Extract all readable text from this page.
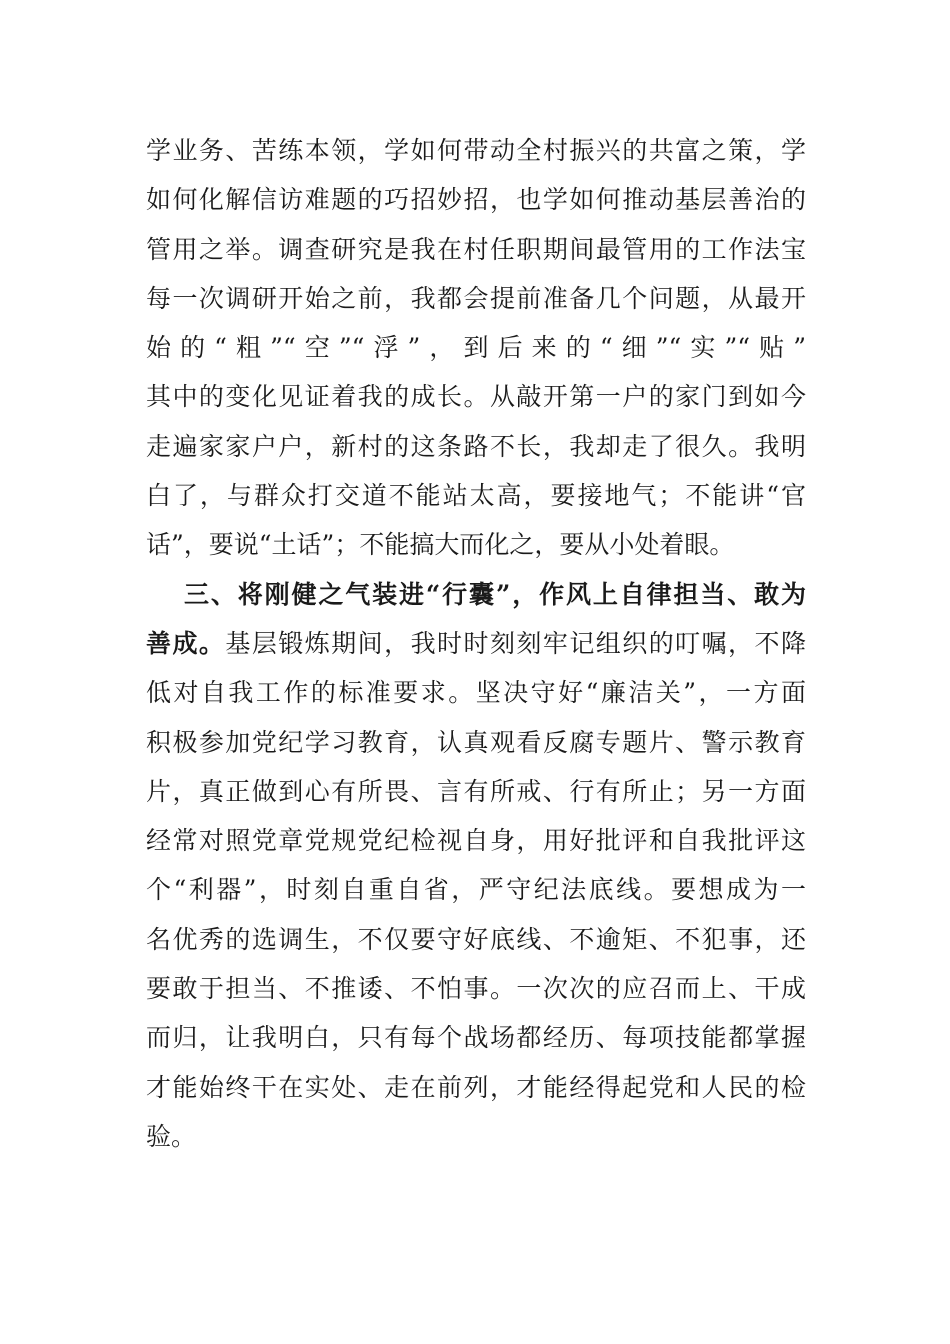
学业务、苦练本领，学如何带动全村振兴的共富之策，学
如何化解信访难题的巧招妙招，也学如何推动基层善治的
管用之举。调查研究是我在村任职期间最管用的工作法宝
每一次调研开始之前，我都会提前准备几个问题，从最开
始的“粗”“空”“浮”，到后来的“细”“实”“贴”
其中的变化见证着我的成长。从敲开第一户的家门到如今
走遍家家户户，新村的这条路不长，我却走了很久。我明
白了，与群众打交道不能站太高，要接地气；不能讲“官
话”，要说“土话”；不能搞大而化之，要从小处着眼。
三、将刚健之气装进“行囊”，作风上自律担当、敢为
善成。基层锻炼期间，我时时刻刻牢记组织的叮嘱，不降
低对自我工作的标准要求。坚决守好“廉洁关”，一方面
积极参加党纪学习教育，认真观看反腐专题片、警示教育
片，真正做到心有所畏、言有所戒、行有所止；另一方面
经常对照党章党规党纪检视自身，用好批评和自我批评这
个“利器”，时刻自重自省，严守纪法底线。要想成为一
名优秀的选调生，不仅要守好底线、不逾矩、不犯事，还
要敢于担当、不推诿、不怕事。一次次的应召而上、干成
而归，让我明白，只有每个战场都经历、每项技能都掌握
才能始终干在实处、走在前列，才能经得起党和人民的检
验。
